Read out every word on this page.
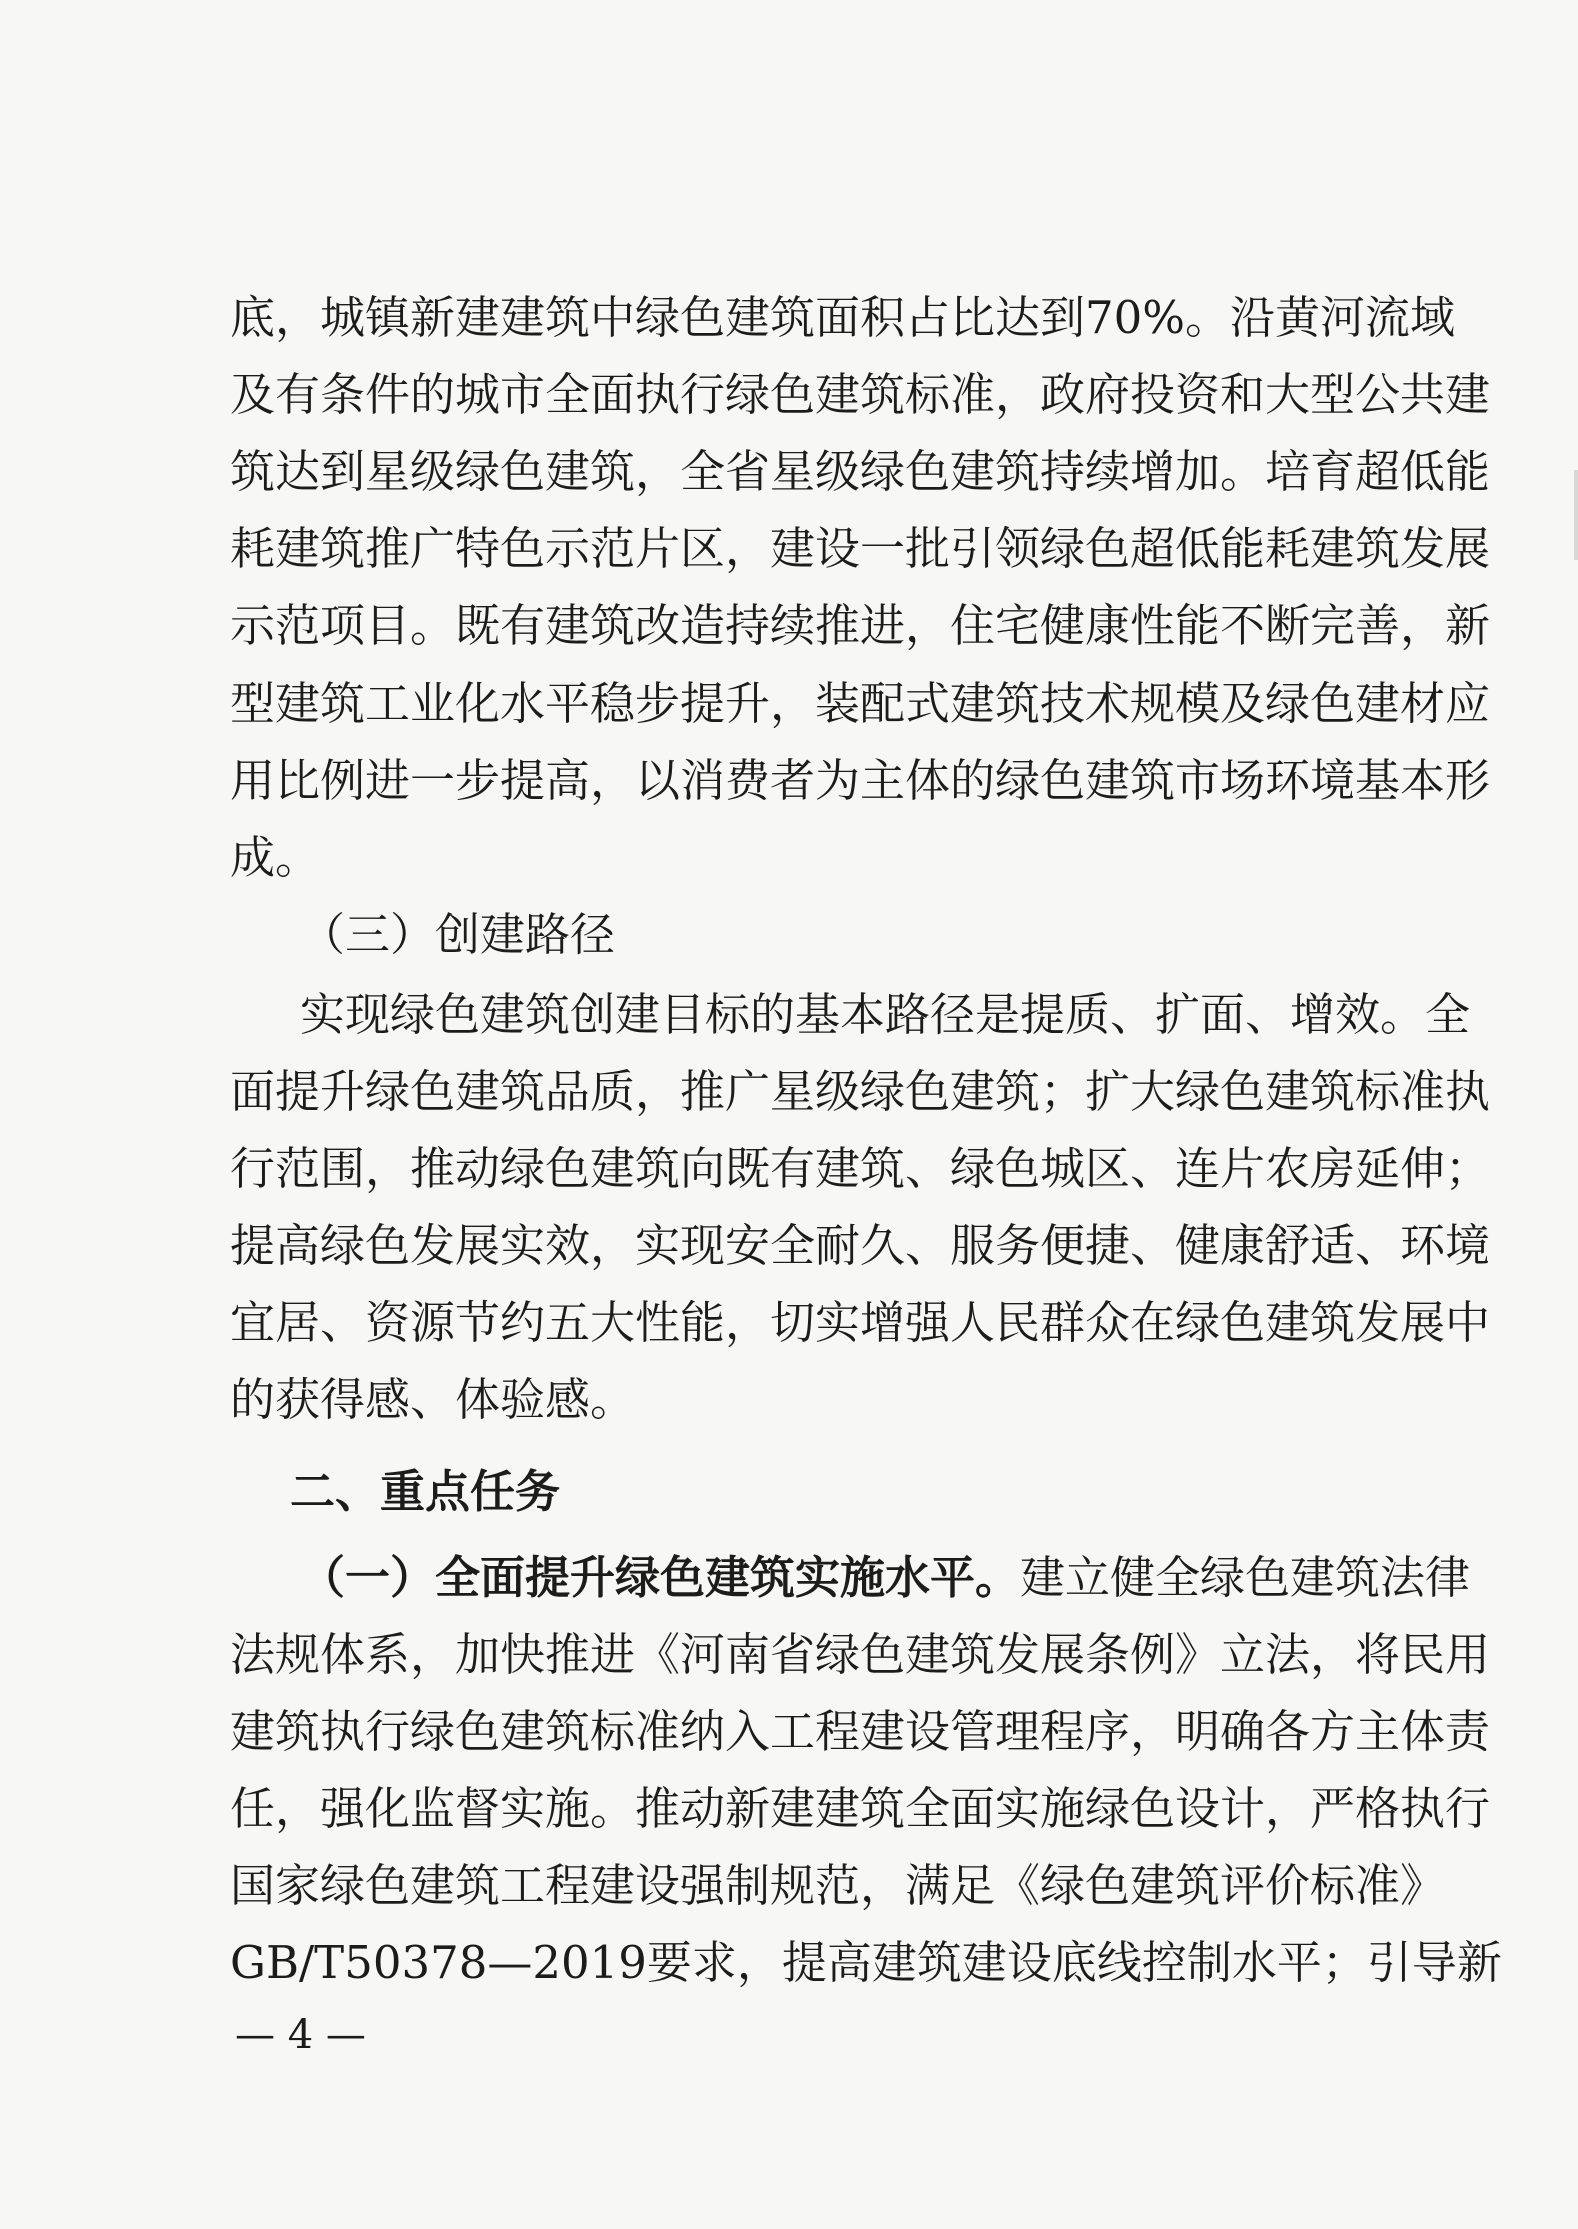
底，城镇新建建筑中绿色建筑面积占比达到70%。沿黄河流域
及有条件的城市全面执行绿色建筑标准，政府投资和大型公共建
筑达到星级绿色建筑，全省星级绿色建筑持续增加。培育超低能
耗建筑推广特色示范片区，建设一批引领绿色超低能耗建筑发展
示范项目。既有建筑改造持续推进，住宅健康性能不断完善，新
型建筑工业化水平稳步提升，装配式建筑技术规模及绿色建材应
用比例进一步提高，以消费者为主体的绿色建筑市场环境基本形
成。
（三）创建路径
实现绿色建筑创建目标的基本路径是提质、扩面、增效。全
面提升绿色建筑品质，推广星级绿色建筑；扩大绿色建筑标准执
行范围，推动绿色建筑向既有建筑、绿色城区、连片农房延伸；
提高绿色发展实效，实现安全耐久、服务便捷、健康舒适、环境
宜居、资源节约五大性能，切实增强人民群众在绿色建筑发展中
的获得感、体验感。
二、重点任务
（一）全面提升绿色建筑实施水平。建立健全绿色建筑法律
法规体系，加快推进《河南省绿色建筑发展条例》立法，将民用
建筑执行绿色建筑标准纳入工程建设管理程序，明确各方主体责
任，强化监督实施。推动新建建筑全面实施绿色设计，严格执行
国家绿色建筑工程建设强制规范，满足《绿色建筑评价标准》
GB/T50378—2019要求，提高建筑建设底线控制水平；引导新
— 4 —
